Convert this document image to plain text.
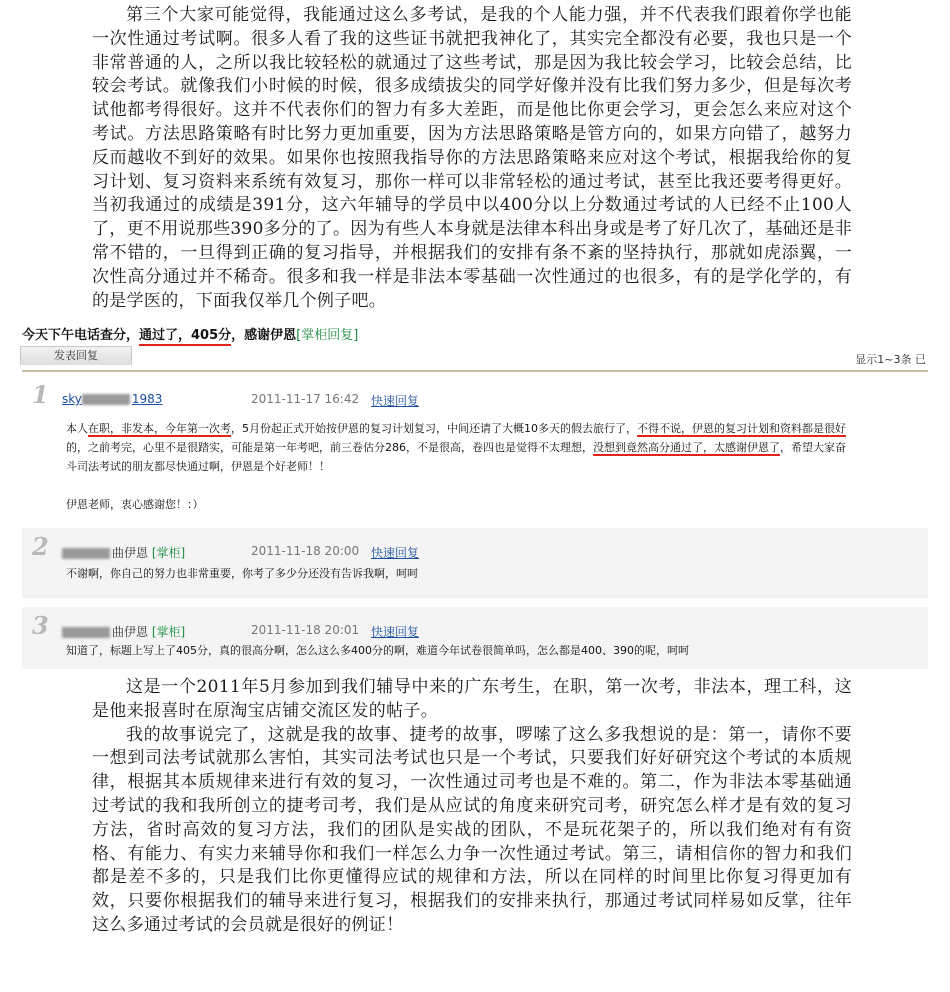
第三个大家可能觉得，我能通过这么多考试，是我的个人能力强，并不代表我们跟着你学也能一次性通过考试啊。很多人看了我的这些证书就把我神化了，其实完全都没有必要，我也只是一个非常普通的人，之所以我比较轻松的就通过了这些考试，那是因为我比较会学习，比较会总结，比较会考试。就像我们小时候的时候，很多成绩拔尖的同学好像并没有比我们努力多少，但是每次考试他都考得很好。这并不代表你们的智力有多大差距，而是他比你更会学习，更会怎么来应对这个考试。方法思路策略有时比努力更加重要，因为方法思路策略是管方向的，如果方向错了，越努力反而越收不到好的效果。如果你也按照我指导你的方法思路策略来应对这个考试，根据我给你的复习计划、复习资料来系统有效复习，那你一样可以非常轻松的通过考试，甚至比我还要考得更好。当初我通过的成绩是391分，这六年辅导的学员中以400分以上分数通过考试的人已经不止100人了，更不用说那些390多分的了。因为有些人本身就是法律本科出身或是考了好几次了，基础还是非常不错的，一旦得到正确的复习指导，并根据我们的安排有条不紊的坚持执行，那就如虎添翼，一次性高分通过并不稀奇。很多和我一样是非法本零基础一次性通过的也很多，有的是学化学的，有的是学医的，下面我仅举几个例子吧。

今天下午电话查分，通过了，405分，感谢伊恩[掌柜回复]
发表回复	显示1~3条 已
1 sky	1983	2011-11-17 16:42 快速回复

本人在职，非发本，今年第一次考，5月份起正式开始按伊恩的复习计划复习，中间还请了大概10多天的假去旅行了，不得不说，伊恩的复习计划和资料都是很好

的，之前考完，心里不是很踏实，可能是第一年考吧，前三卷估分286，不是很高，卷四也是觉得不太理想，没想到竟然高分通过了，太感谢伊恩了，希望大家奋

斗司法考试的朋友都尽快通过啊，伊恩是个好老师！！

伊恩老师，衷心感谢您！：）

2	曲伊恩 [掌柜]	2011-11-18 20:00 快速回复

不谢啊，你自己的努力也非常重要，你考了多少分还没有告诉我啊，呵呵

3	曲伊恩 [掌柜]	2011-11-18 20:01 快速回复

知道了，标题上写上了405分，真的很高分啊，怎么这么多400分的啊，难道今年试卷很简单吗，怎么都是400、390的呢，呵呵

这是一个2011年5月参加到我们辅导中来的广东考生，在职，第一次考，非法本，理工科，这是他来报喜时在原淘宝店铺交流区发的帖子。

我的故事说完了，这就是我的故事、捷考的故事，啰嗦了这么多我想说的是：第一，请你不要一想到司法考试就那么害怕，其实司法考试也只是一个考试，只要我们好好研究这个考试的本质规律，根据其本质规律来进行有效的复习，一次性通过司考也是不难的。第二，作为非法本零基础通过考试的我和我所创立的捷考司考，我们是从应试的角度来研究司考，研究怎么样才是有效的复习方法，省时高效的复习方法，我们的团队是实战的团队，不是玩花架子的，所以我们绝对有有资格、有能力、有实力来辅导你和我们一样怎么力争一次性通过考试。第三，请相信你的智力和我们都是差不多的，只是我们比你更懂得应试的规律和方法，所以在同样的时间里比你复习得更加有效，只要你根据我们的辅导来进行复习，根据我们的安排来执行，那通过考试同样易如反掌，往年这么多通过考试的会员就是很好的例证！
